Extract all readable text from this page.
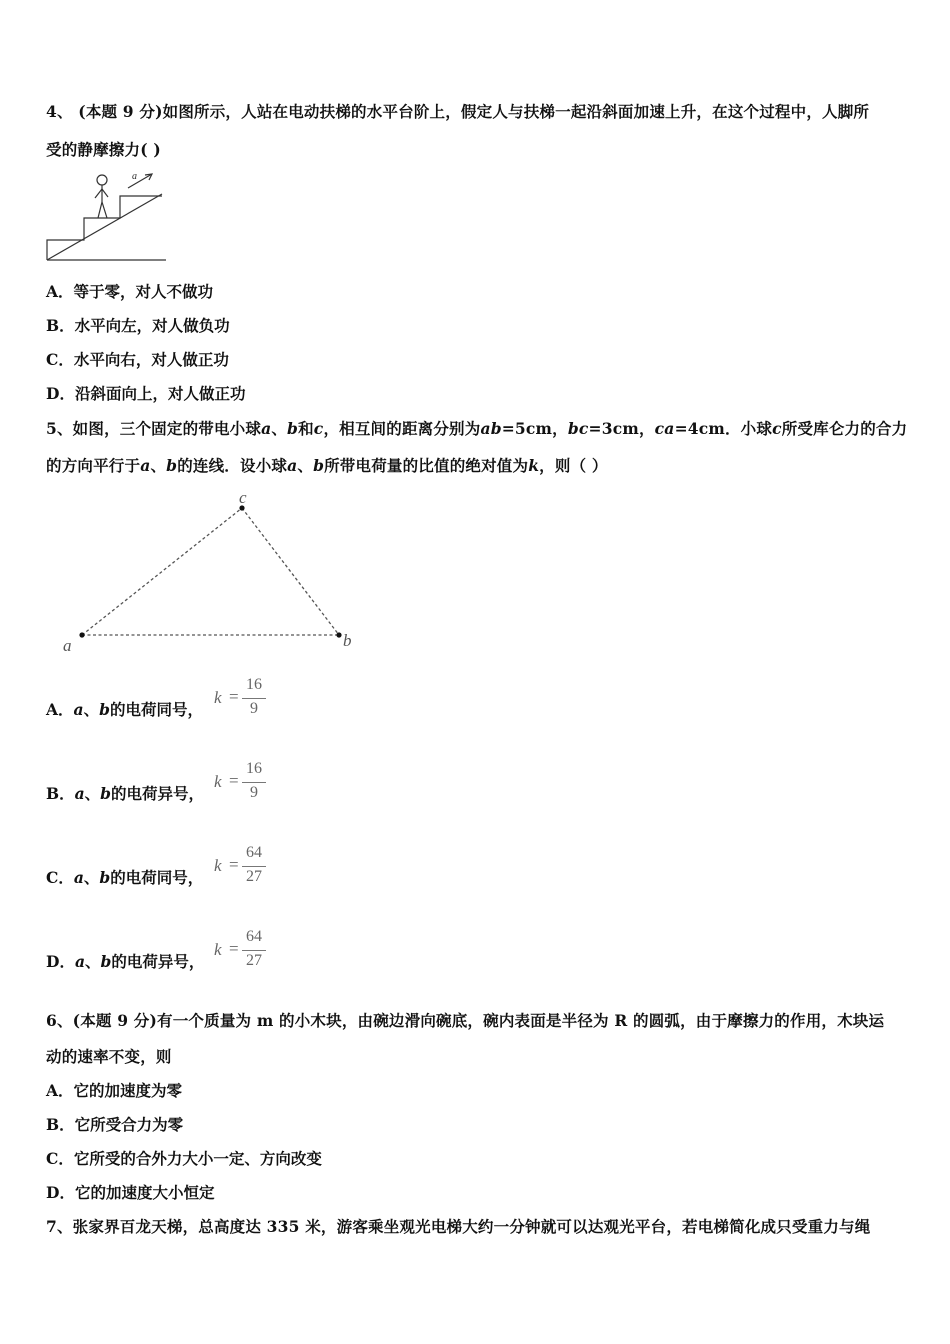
4、 (本题 9 分)如图所示，人站在电动扶梯的水平台阶上，假定人与扶梯一起沿斜面加速上升，在这个过程中，人脚所
受的静摩擦力( )
a
A．等于零，对人不做功
B．水平向左，对人做负功
C．水平向右，对人做正功
D．沿斜面向上，对人做正功
5、如图，三个固定的带电小球a、b和c，相互间的距离分别为ab=5cm，bc=3cm，ca=4cm．小球c所受库仑力的合力
的方向平行于a、b的连线．设小球a、b所带电荷量的比值的绝对值为k，则（ ）
a
c
b
A．a、b的电荷同号，
k =
16
9
B．a、b的电荷异号，
k =
16
9
C．a、b的电荷同号，
k =
64
27
D．a、b的电荷异号，
k =
64
27
6、(本题 9 分)有一个质量为 m 的小木块，由碗边滑向碗底，碗内表面是半径为 R 的圆弧，由于摩擦力的作用，木块运
动的速率不变，则
A．它的加速度为零
B．它所受合力为零
C．它所受的合外力大小一定、方向改变
D．它的加速度大小恒定
7、张家界百龙天梯，总高度达 335 米，游客乘坐观光电梯大约一分钟就可以达观光平台，若电梯简化成只受重力与绳
